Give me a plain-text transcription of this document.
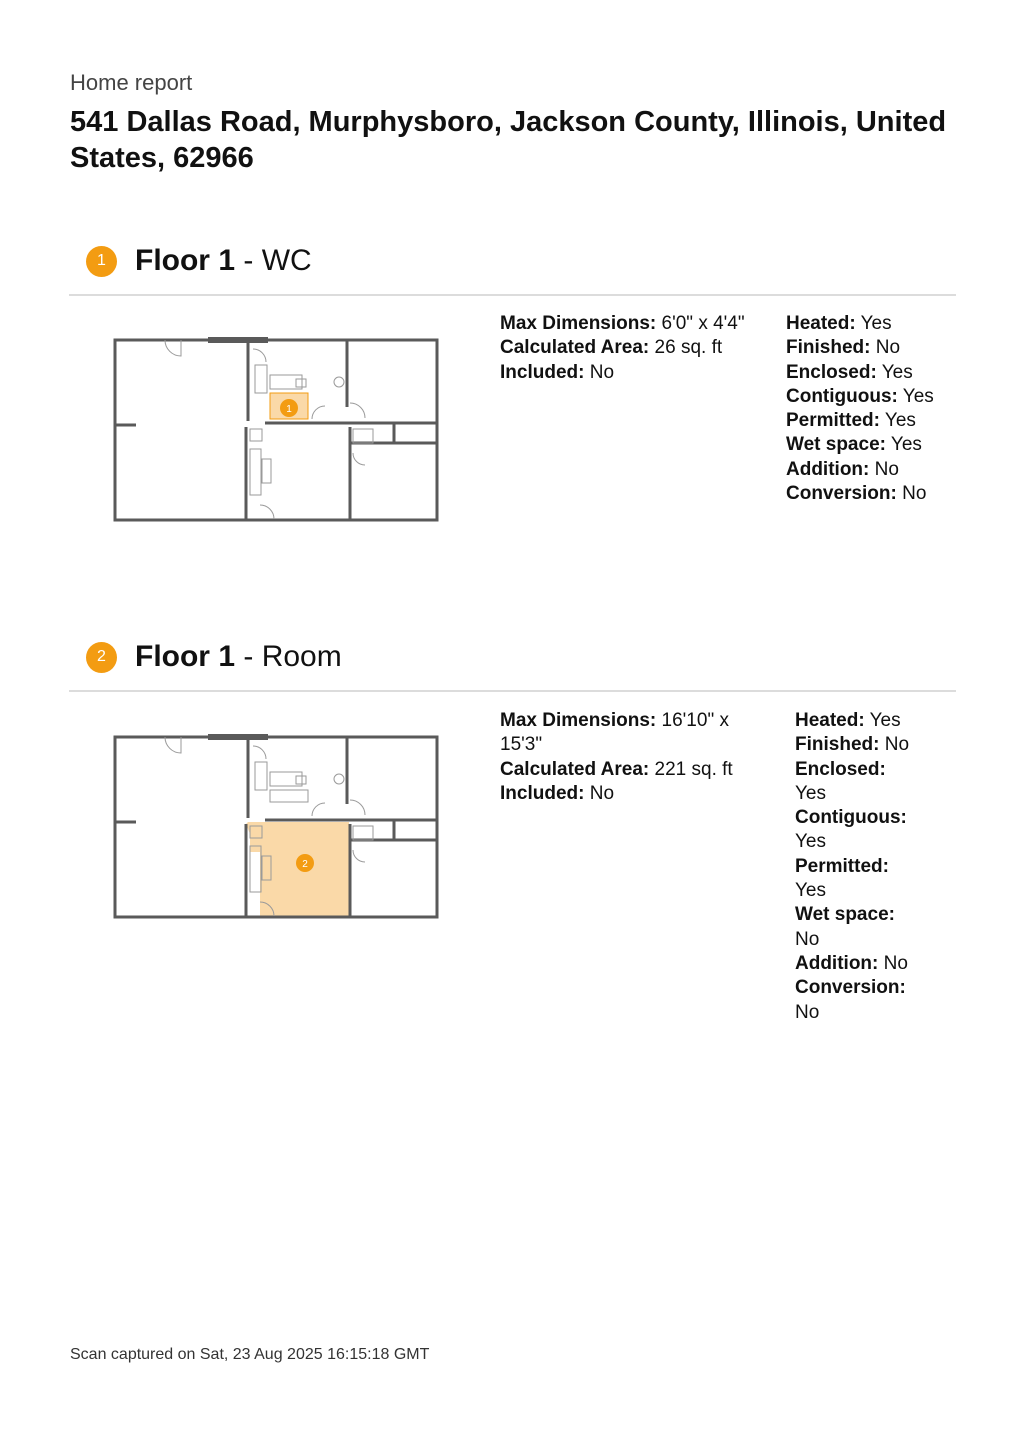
Home report
541 Dallas Road, Murphysboro, Jackson County, Illinois, United States, 62966
1 Floor 1 - WC
1
Max Dimensions: 6'0" x 4'4"
Calculated Area: 26 sq. ft
Included: No
Heated: Yes
Finished: No
Enclosed: Yes
Contiguous: Yes
Permitted: Yes
Wet space: Yes
Addition: No
Conversion: No
2 Floor 1 - Room
2
Max Dimensions: 16'10" x 15'3"
Calculated Area: 221 sq. ft
Included: No
Heated: Yes
Finished: No
Enclosed: Yes
Contiguous: Yes
Permitted: Yes
Wet space: No
Addition: No
Conversion: No
Scan captured on Sat, 23 Aug 2025 16:15:18 GMT
